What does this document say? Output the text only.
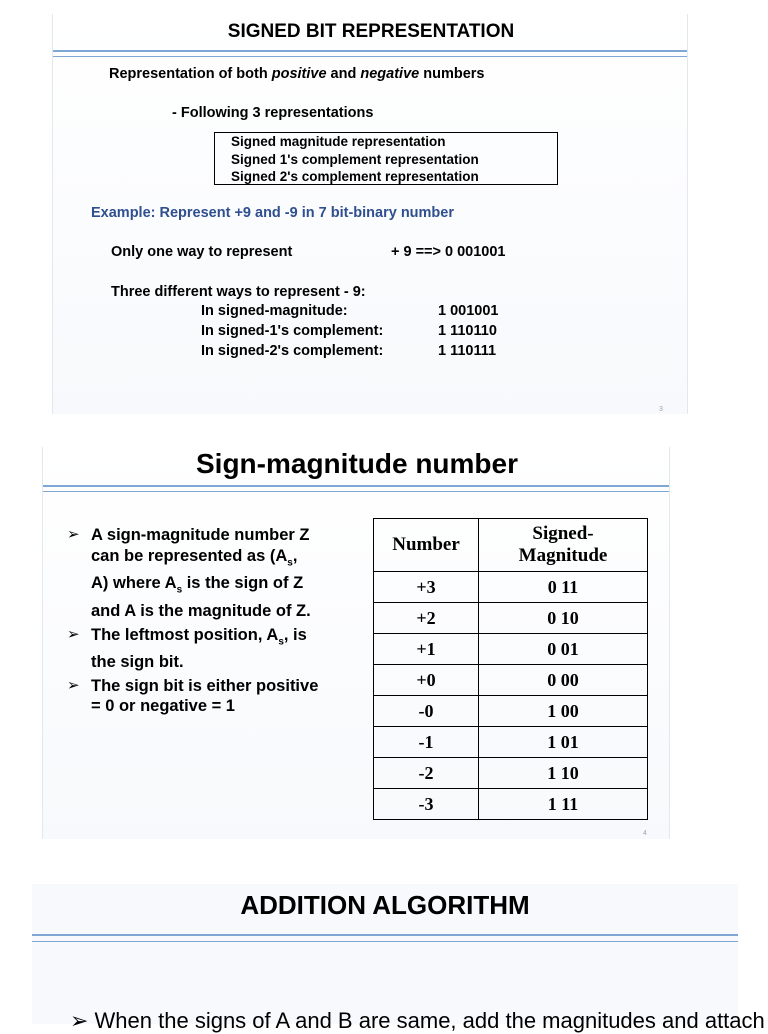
SIGNED BIT REPRESENTATION
Representation of both positive and negative numbers
- Following 3 representations
Signed magnitude representation
Signed 1's complement representation
Signed 2's complement representation
Example: Represent +9 and -9 in 7 bit-binary number
Only one way to represent	+ 9 ==> 0 001001
Three different ways to represent - 9:
In signed-magnitude:	1 001001
In signed-1's complement:	1 110110
In signed-2's complement:	1 110111
3
Sign-magnitude number
➢ A sign-magnitude number Z can be represented as ($A_s$, A) where $A_s$ is the sign of Z and A is the magnitude of Z.
➢ The leftmost position, $A_s$, is the sign bit.
➢ The sign bit is either positive = 0 or negative = 1
Number	Signed-
Magnitude
+3	0 11
+2	0 10
+1	0 01
+0	0 00
-0	1 00
-1	1 01
-2	1 10
-3	1 11
4
ADDITION ALGORITHM
➢ When the signs of A and B are same, add the magnitudes and attach
